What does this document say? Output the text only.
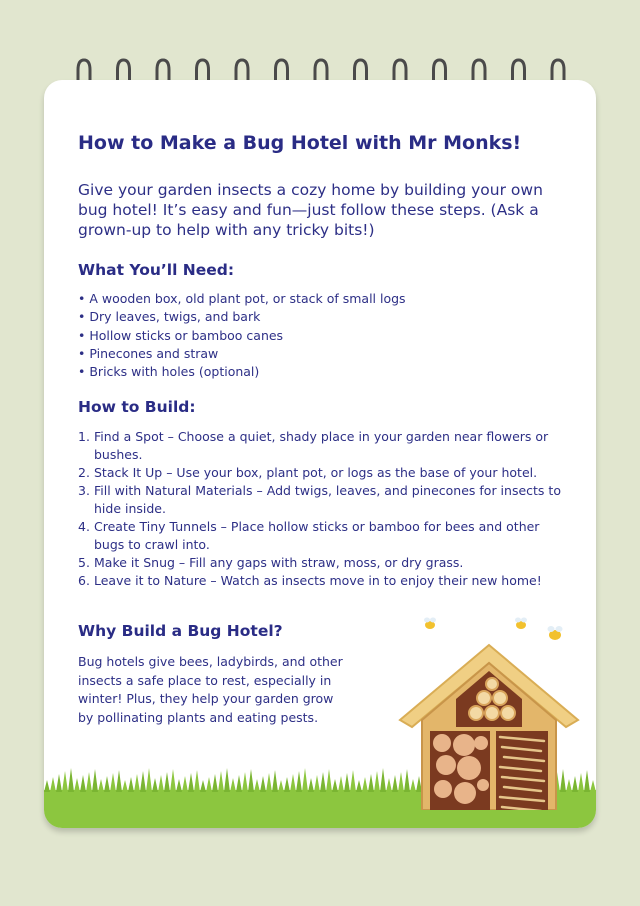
How to Make a Bug Hotel with Mr Monks!

Give your garden insects a cozy home by building your own bug hotel! It’s easy and fun—just follow these steps. (Ask a grown-up to help with any tricky bits!)

What You’ll Need:
• A wooden box, old plant pot, or stack of small logs
• Dry leaves, twigs, and bark
• Hollow sticks or bamboo canes
• Pinecones and straw
• Bricks with holes (optional)
How to Build:
1. Find a Spot – Choose a quiet, shady place in your garden near flowers or bushes.
2. Stack It Up – Use your box, plant pot, or logs as the base of your hotel.
3. Fill with Natural Materials – Add twigs, leaves, and pinecones for insects to hide inside.
4. Create Tiny Tunnels – Place hollow sticks or bamboo for bees and other bugs to crawl into.
5. Make it Snug – Fill any gaps with straw, moss, or dry grass.
6. Leave it to Nature – Watch as insects move in to enjoy their new home!
Why Build a Bug Hotel?

Bug hotels give bees, ladybirds, and other insects a safe place to rest, especially in winter! Plus, they help your garden grow by pollinating plants and eating pests.
